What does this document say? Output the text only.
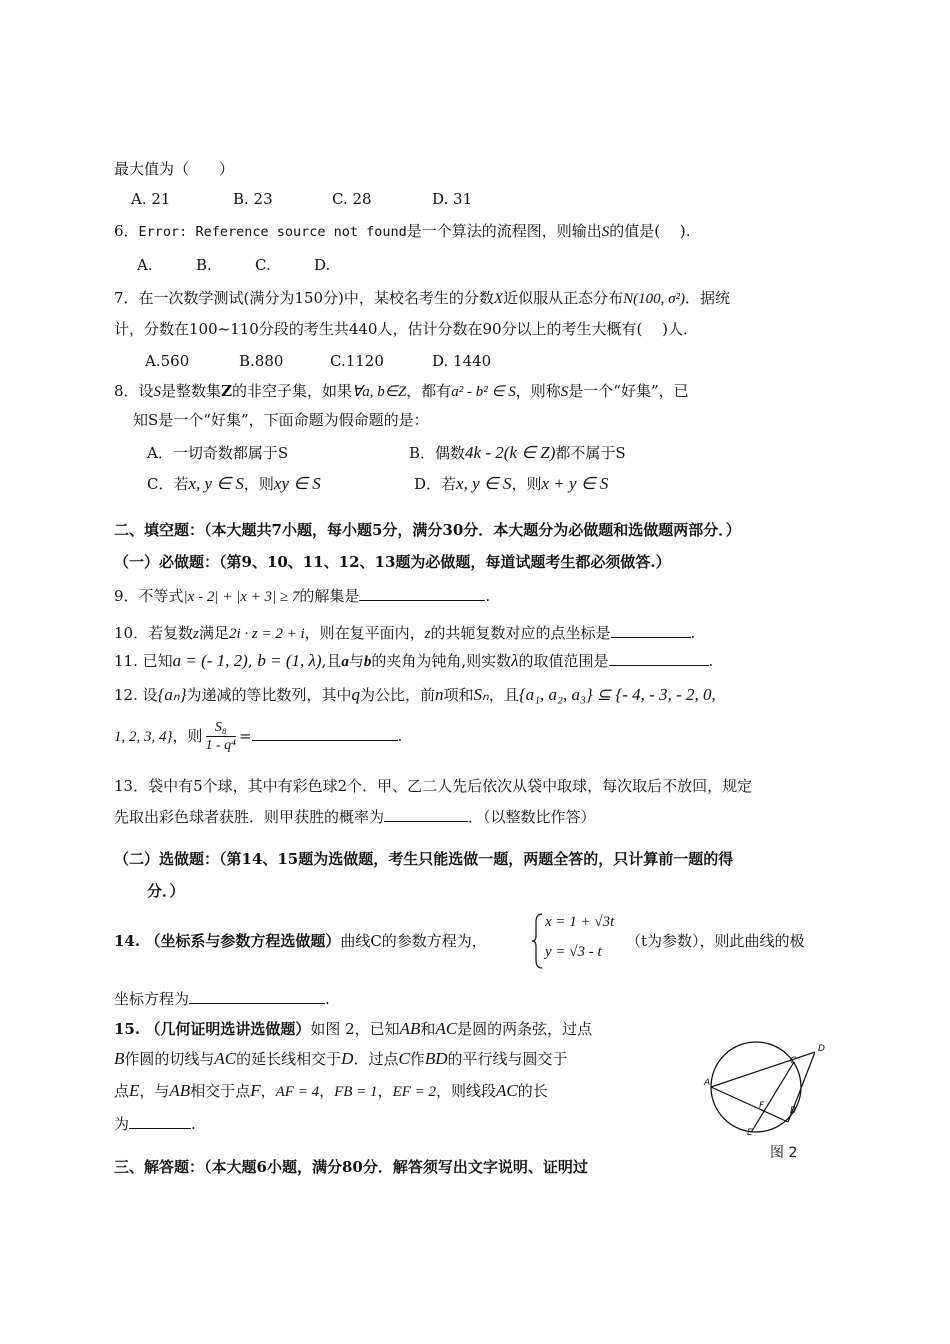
最大值为（　　）
A. 21	B. 23	C. 28	D. 31
6．Error: Reference source not found是一个算法的流程图，则输出S的值是(　 ).
A.	B.	C.	D.
7．在一次数学测试(满分为150分)中，某校名考生的分数X近似服从正态分布N(100, σ²)．据统
计，分数在100~110分段的考生共440人，估计分数在90分以上的考生大概有(　 )人．
A.560	B.880	C.1120	D. 1440
8．设S是整数集Z的非空子集，如果∀a, b∈Z，都有a² - b² ∈ S，则称S是一个“好集”，已
知S是一个“好集”，下面命题为假命题的是：
A．一切奇数都属于S	B．偶数4k - 2(k ∈ Z)都不属于S
C．若x, y ∈ S，则xy ∈ S	D．若x, y ∈ S，则x + y ∈ S
二、填空题：（本大题共7小题，每小题5分，满分30分．本大题分为必做题和选做题两部分．）
（一）必做题：（第9、10、11、12、13题为必做题，每道试题考生都必须做答.）
9．不等式|x - 2| + |x + 3| ≥ 7的解集是	.
10．若复数z满足2i · z = 2 + i，则在复平面内，z的共轭复数对应的点坐标是	.
11. 已知a = (- 1, 2), b = (1, λ),且a与b的夹角为钝角,则实数λ的取值范围是	.
12. 设{aₙ}为递减的等比数列，其中q为公比，前n项和Sₙ，且{a₁, a₂, a₃} ⊆ {- 4, - 3, - 2, 0,
1, 2, 3, 4}，则 $\frac{\text{S₈}}{\text{1 - q⁴}}$ =	.
13．袋中有5个球，其中有彩色球2个．甲、乙二人先后依次从袋中取球，每次取后不放回，规定
先取出彩色球者获胜．则甲获胜的概率为	．（以整数比作答）
（二）选做题：（第14、15题为选做题，考生只能选做一题，两题全答的，只计算前一题的得
分．）
14. （坐标系与参数方程选做题）曲线C的参数方程为，
x = 1 + √3t
y = √3 - t
（t为参数），则此曲线的极
坐标方程为	.
15. （几何证明选讲选做题）如图 2，已知AB和AC是圆的两条弦，过点
B作圆的切线与AC的延长线相交于D．过点C作BD的平行线与圆交于
点E，与AB相交于点F，AF = 4，FB = 1，EF = 2，则线段AC的长
为	.
A
C
D
F	B
E
图 2
三、解答题：（本大题6小题，满分80分．解答须写出文字说明、证明过
